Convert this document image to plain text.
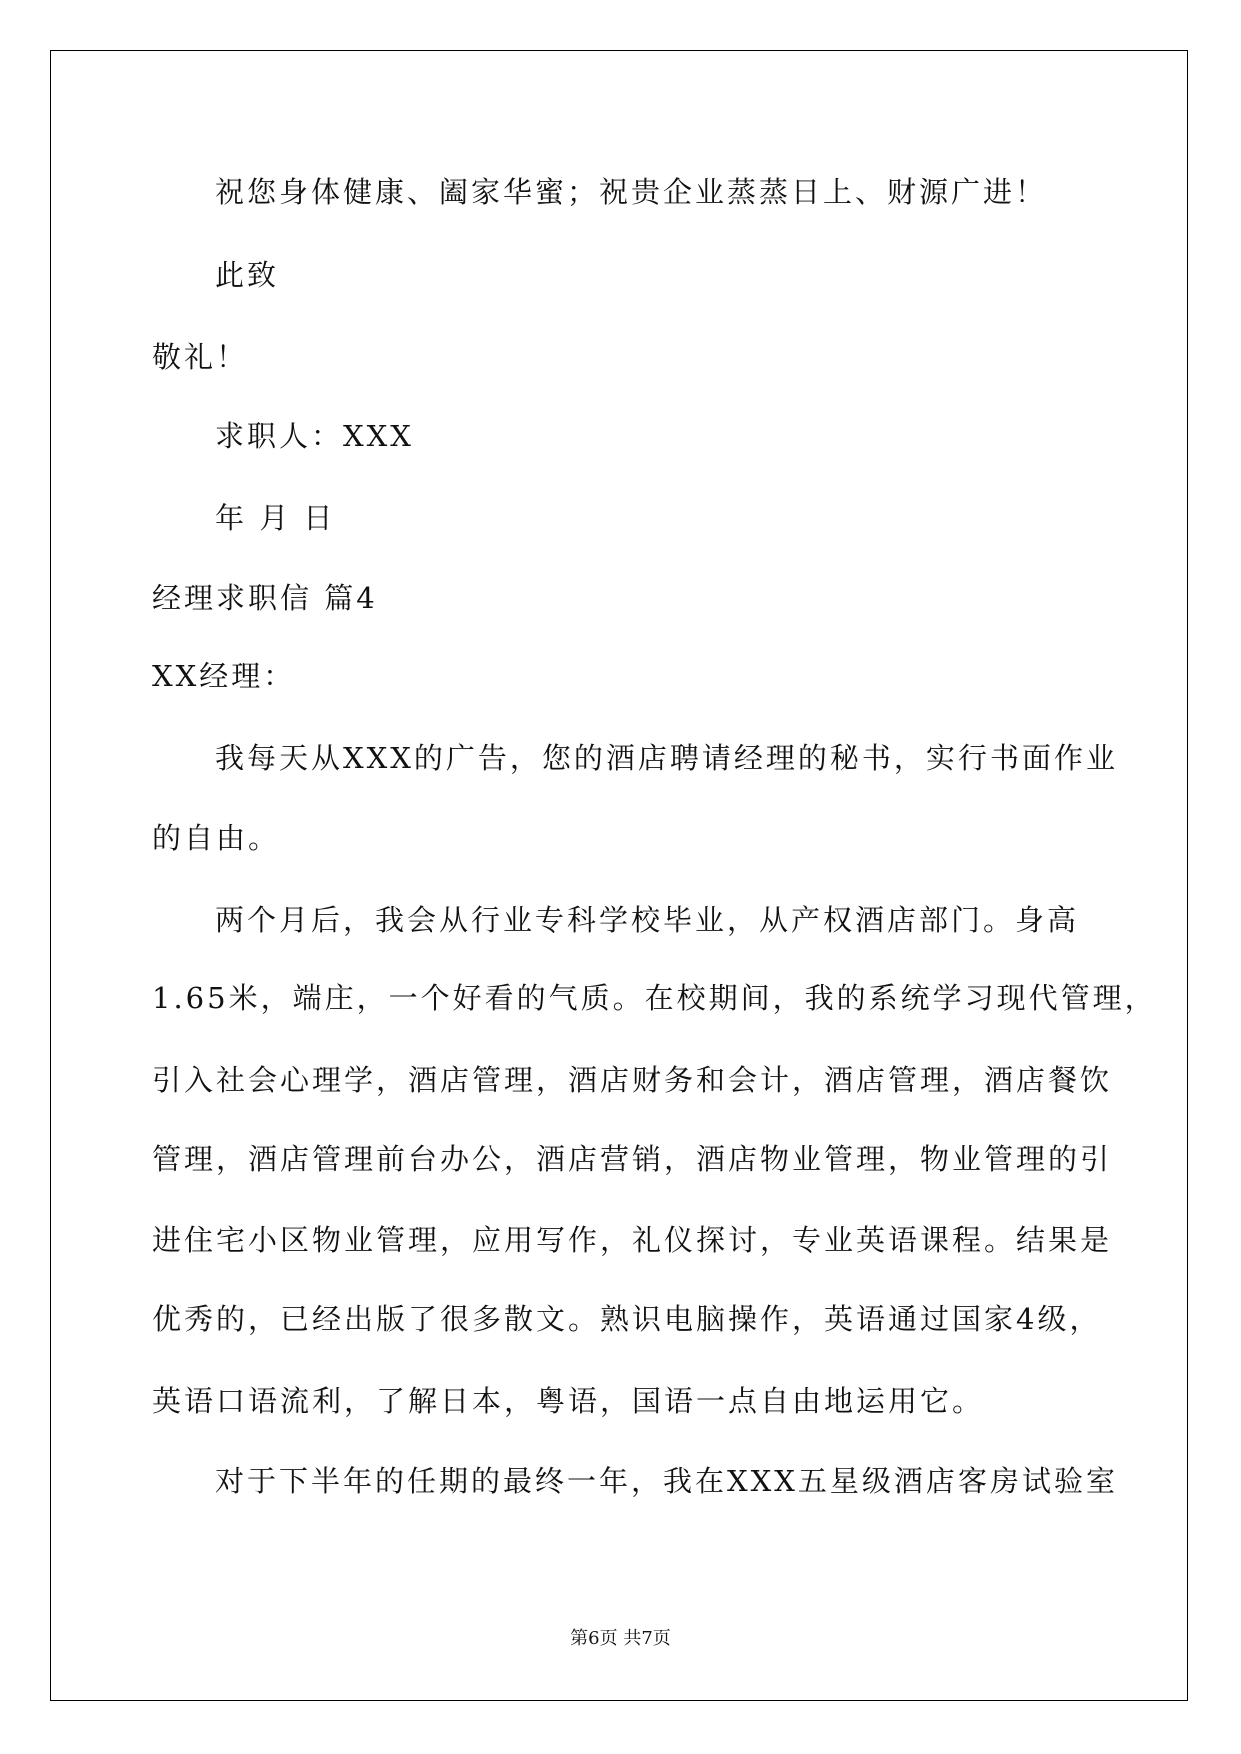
祝您身体健康、阖家华蜜；祝贵企业蒸蒸日上、财源广进！
此致
敬礼！
求职人：XXX
年 月 日
经理求职信 篇4
XX经理：
我每天从XXX的广告，您的酒店聘请经理的秘书，实行书面作业
的自由。
两个月后，我会从行业专科学校毕业，从产权酒店部门。身高
1.65米，端庄，一个好看的气质。在校期间，我的系统学习现代管理，
引入社会心理学，酒店管理，酒店财务和会计，酒店管理，酒店餐饮
管理，酒店管理前台办公，酒店营销，酒店物业管理，物业管理的引
进住宅小区物业管理，应用写作，礼仪探讨，专业英语课程。结果是
优秀的，已经出版了很多散文。熟识电脑操作，英语通过国家4级，
英语口语流利，了解日本，粤语，国语一点自由地运用它。
对于下半年的任期的最终一年，我在XXX五星级酒店客房试验室
第6页 共7页
